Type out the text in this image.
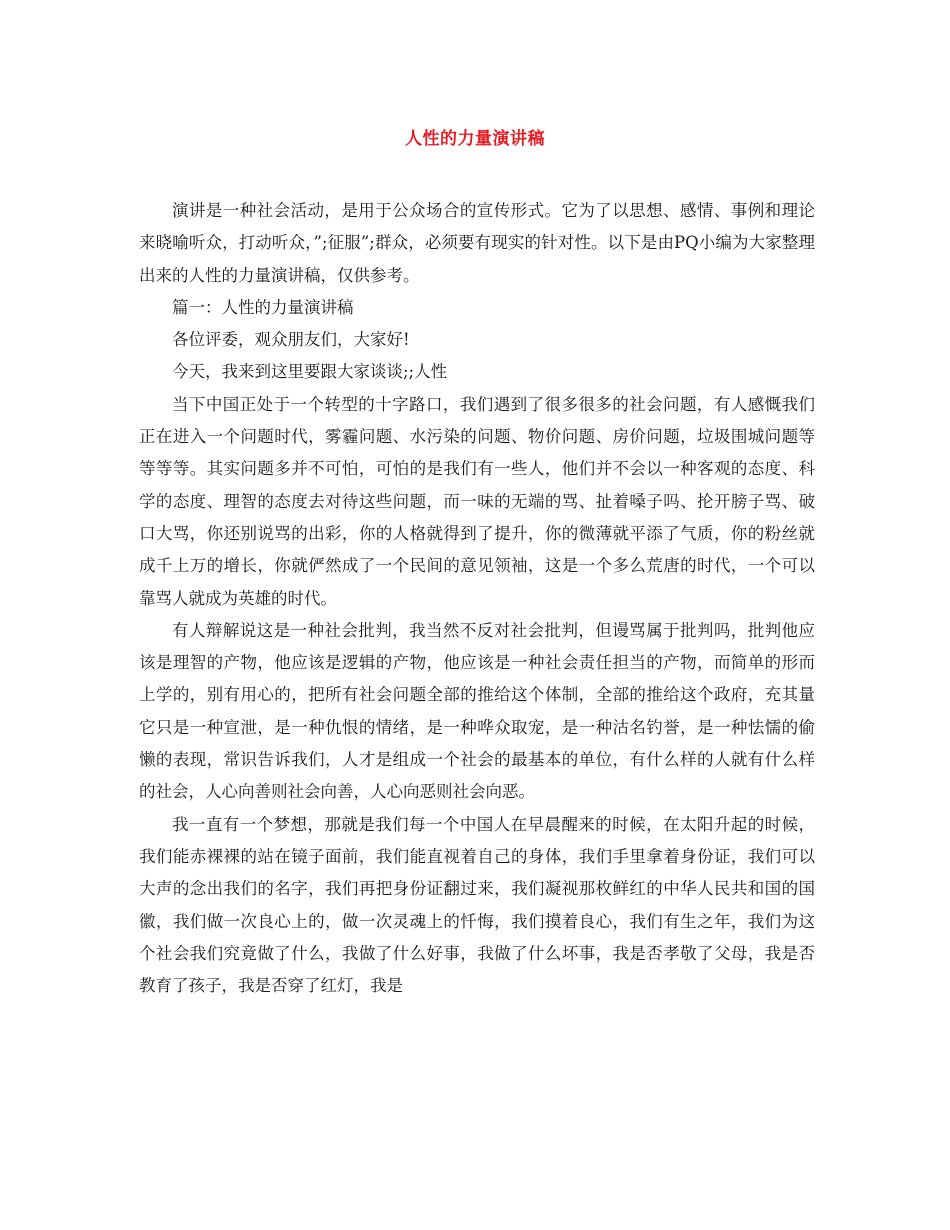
人性的力量演讲稿

演讲是一种社会活动，是用于公众场合的宣传形式。它为了以思想、感情、事例和理论来晓喻听众，打动听众，”;征服”;群众，必须要有现实的针对性。以下是由PQ小编为大家整理出来的人性的力量演讲稿，仅供参考。

篇一：人性的力量演讲稿

各位评委，观众朋友们，大家好!

今天，我来到这里要跟大家谈谈;;人性

当下中国正处于一个转型的十字路口，我们遇到了很多很多的社会问题，有人感慨我们正在进入一个问题时代，雾霾问题、水污染的问题、物价问题、房价问题，垃圾围城问题等等等等。其实问题多并不可怕，可怕的是我们有一些人，他们并不会以一种客观的态度、科学的态度、理智的态度去对待这些问题，而一味的无端的骂、扯着嗓子吗、抡开膀子骂、破口大骂，你还别说骂的出彩，你的人格就得到了提升，你的微薄就平添了气质，你的粉丝就成千上万的增长，你就俨然成了一个民间的意见领袖，这是一个多么荒唐的时代，一个可以靠骂人就成为英雄的时代。

有人辩解说这是一种社会批判，我当然不反对社会批判，但谩骂属于批判吗，批判他应该是理智的产物，他应该是逻辑的产物，他应该是一种社会责任担当的产物，而简单的形而上学的，别有用心的，把所有社会问题全部的推给这个体制，全部的推给这个政府，充其量它只是一种宣泄，是一种仇恨的情绪，是一种哗众取宠，是一种沽名钓誉，是一种怯懦的偷懒的表现，常识告诉我们，人才是组成一个社会的最基本的单位，有什么样的人就有什么样的社会，人心向善则社会向善，人心向恶则社会向恶。

我一直有一个梦想，那就是我们每一个中国人在早晨醒来的时候，在太阳升起的时候，我们能赤裸裸的站在镜子面前，我们能直视着自己的身体，我们手里拿着身份证，我们可以大声的念出我们的名字，我们再把身份证翻过来，我们凝视那枚鲜红的中华人民共和国的国徽，我们做一次良心上的，做一次灵魂上的忏悔，我们摸着良心，我们有生之年，我们为这个社会我们究竟做了什么，我做了什么好事，我做了什么坏事，我是否孝敬了父母，我是否教育了孩子，我是否穿了红灯，我是
